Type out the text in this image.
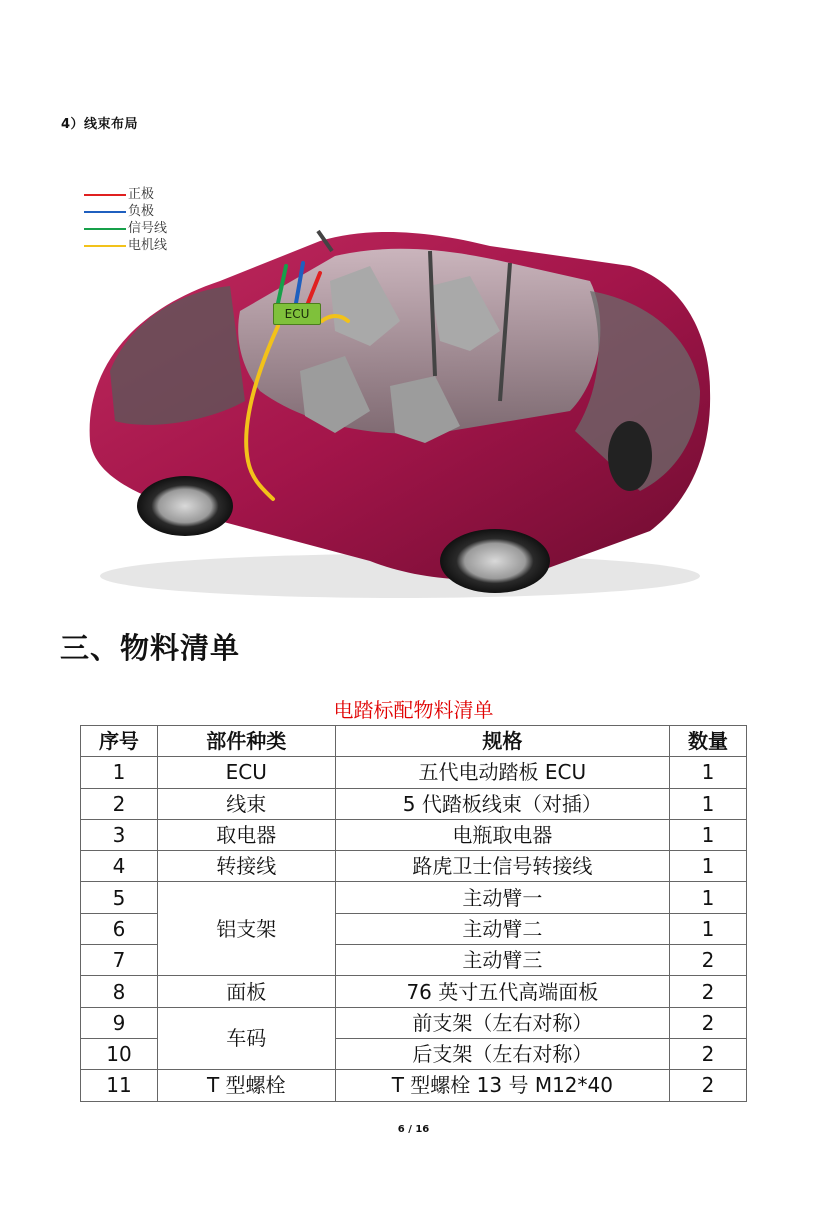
4）线束布局
正极
负极
信号线
电机线
ECU
三、物料清单
电踏标配物料清单
序号	部件种类	规格	数量
1	ECU	五代电动踏板 ECU	1
2	线束	5 代踏板线束（对插）	1
3	取电器	电瓶取电器	1
4	转接线	路虎卫士信号转接线	1
5	铝支架	主动臂一	1
6		主动臂二	1
7		主动臂三	2
8	面板	76 英寸五代高端面板	2
9	车码	前支架（左右对称）	2
10		后支架（左右对称）	2
11	T 型螺栓	T 型螺栓 13 号 M12*40	2
6 / 16
